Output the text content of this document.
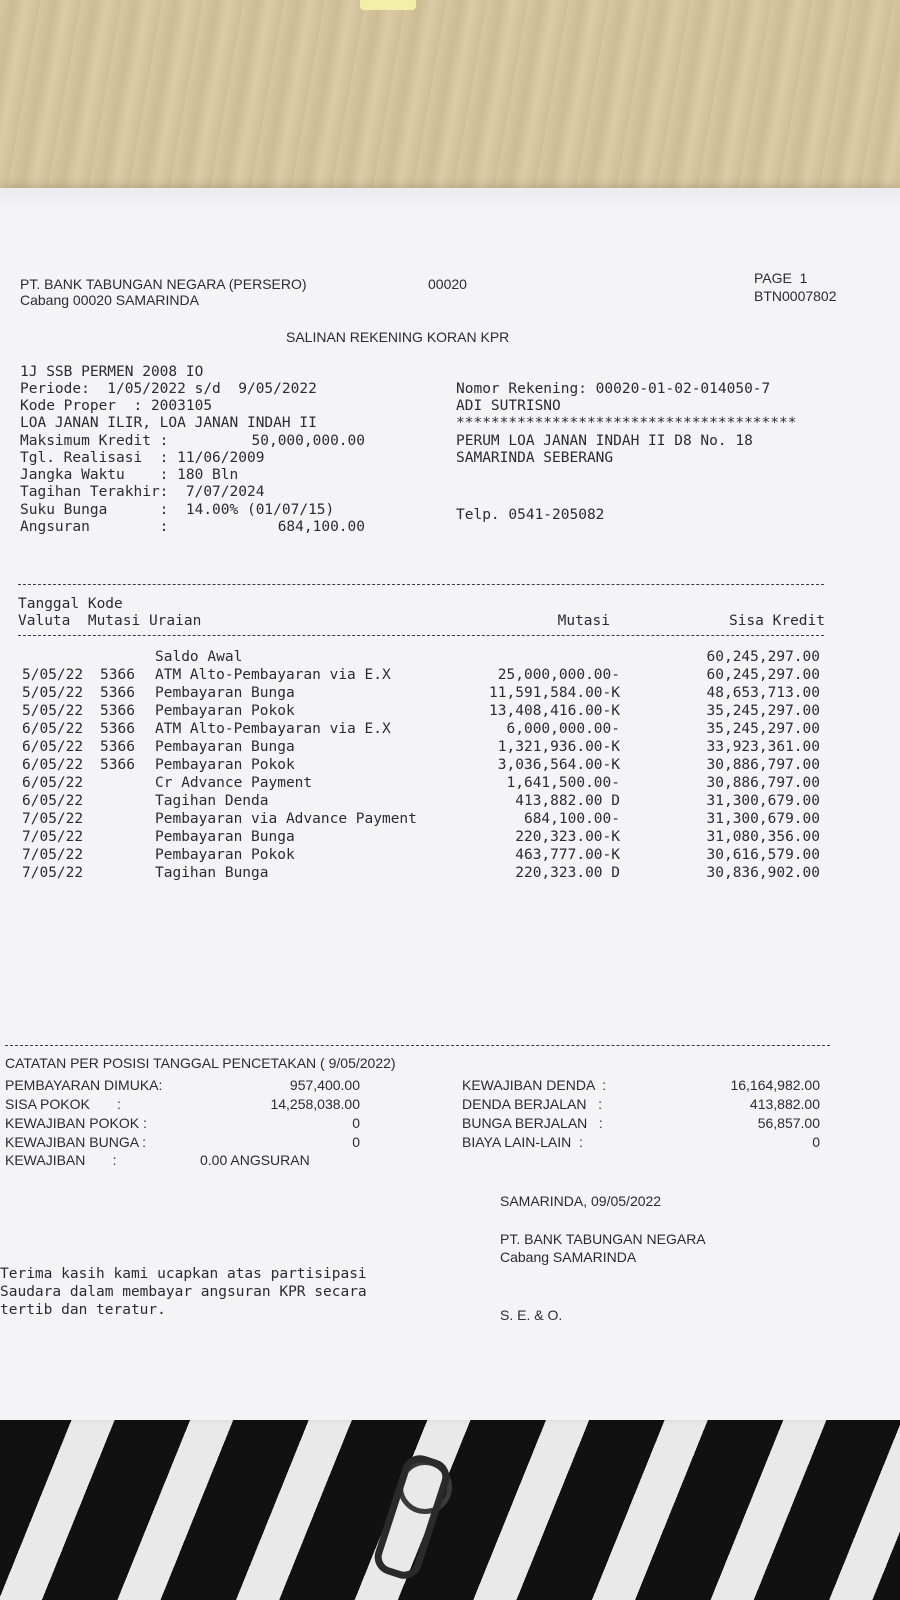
PT. BANK TABUNGAN NEGARA (PERSERO)
Cabang 00020 SAMARINDA
00020	PAGE  1
BTN0007802
SALINAN REKENING KORAN KPR
1J SSB PERMEN 2008 IO
Periode:  1/05/2022 s/d  9/05/2022
Kode Proper  : 2003105
LOA JANAN ILIR, LOA JANAN INDAH II
Maksimum Kredit :	50,000,000.00
Tgl. Realisasi  : 11/06/2009
Jangka Waktu    : 180 Bln
Tagihan Terakhir:  7/07/2024
Suku Bunga      :  14.00% (01/07/15)
Angsuran        :	684,100.00
Nomor Rekening: 00020-01-02-014050-7
ADI SUTRISNO
***************************************
PERUM LOA JANAN INDAH II D8 No. 18
SAMARINDA SEBERANG
Telp. 0541-205082
Tanggal Kode
Valuta  Mutasi Uraian	Mutasi	Sisa Kredit
Saldo Awal	60,245,297.00
5/05/22	5366	ATM Alto-Pembayaran via E.X	25,000,000.00-	60,245,297.00
5/05/22	5366	Pembayaran Bunga	11,591,584.00-K	48,653,713.00
5/05/22	5366	Pembayaran Pokok	13,408,416.00-K	35,245,297.00
6/05/22	5366	ATM Alto-Pembayaran via E.X	6,000,000.00-	35,245,297.00
6/05/22	5366	Pembayaran Bunga	1,321,936.00-K	33,923,361.00
6/05/22	5366	Pembayaran Pokok	3,036,564.00-K	30,886,797.00
6/05/22	Cr Advance Payment	1,641,500.00-	30,886,797.00
6/05/22	Tagihan Denda	413,882.00 D	31,300,679.00
7/05/22	Pembayaran via Advance Payment	684,100.00-	31,300,679.00
7/05/22	Pembayaran Bunga	220,323.00-K	31,080,356.00
7/05/22	Pembayaran Pokok	463,777.00-K	30,616,579.00
7/05/22	Tagihan Bunga	220,323.00 D	30,836,902.00
CATATAN PER POSISI TANGGAL PENCETAKAN ( 9/05/2022)
PEMBAYARAN DIMUKA:	957,400.00
SISA POKOK       :	14,258,038.00
KEWAJIBAN POKOK :	0
KEWAJIBAN BUNGA :	0
KEWAJIBAN DENDA  :	16,164,982.00
DENDA BERJALAN   :	413,882.00
BUNGA BERJALAN   :	56,857.00
BIAYA LAIN-LAIN  :	0
KEWAJIBAN       :	0.00 ANGSURAN
SAMARINDA, 09/05/2022
PT. BANK TABUNGAN NEGARA
Cabang SAMARINDA
Terima kasih kami ucapkan atas partisipasi
Saudara dalam membayar angsuran KPR secara
tertib dan teratur.	S. E. & O.
